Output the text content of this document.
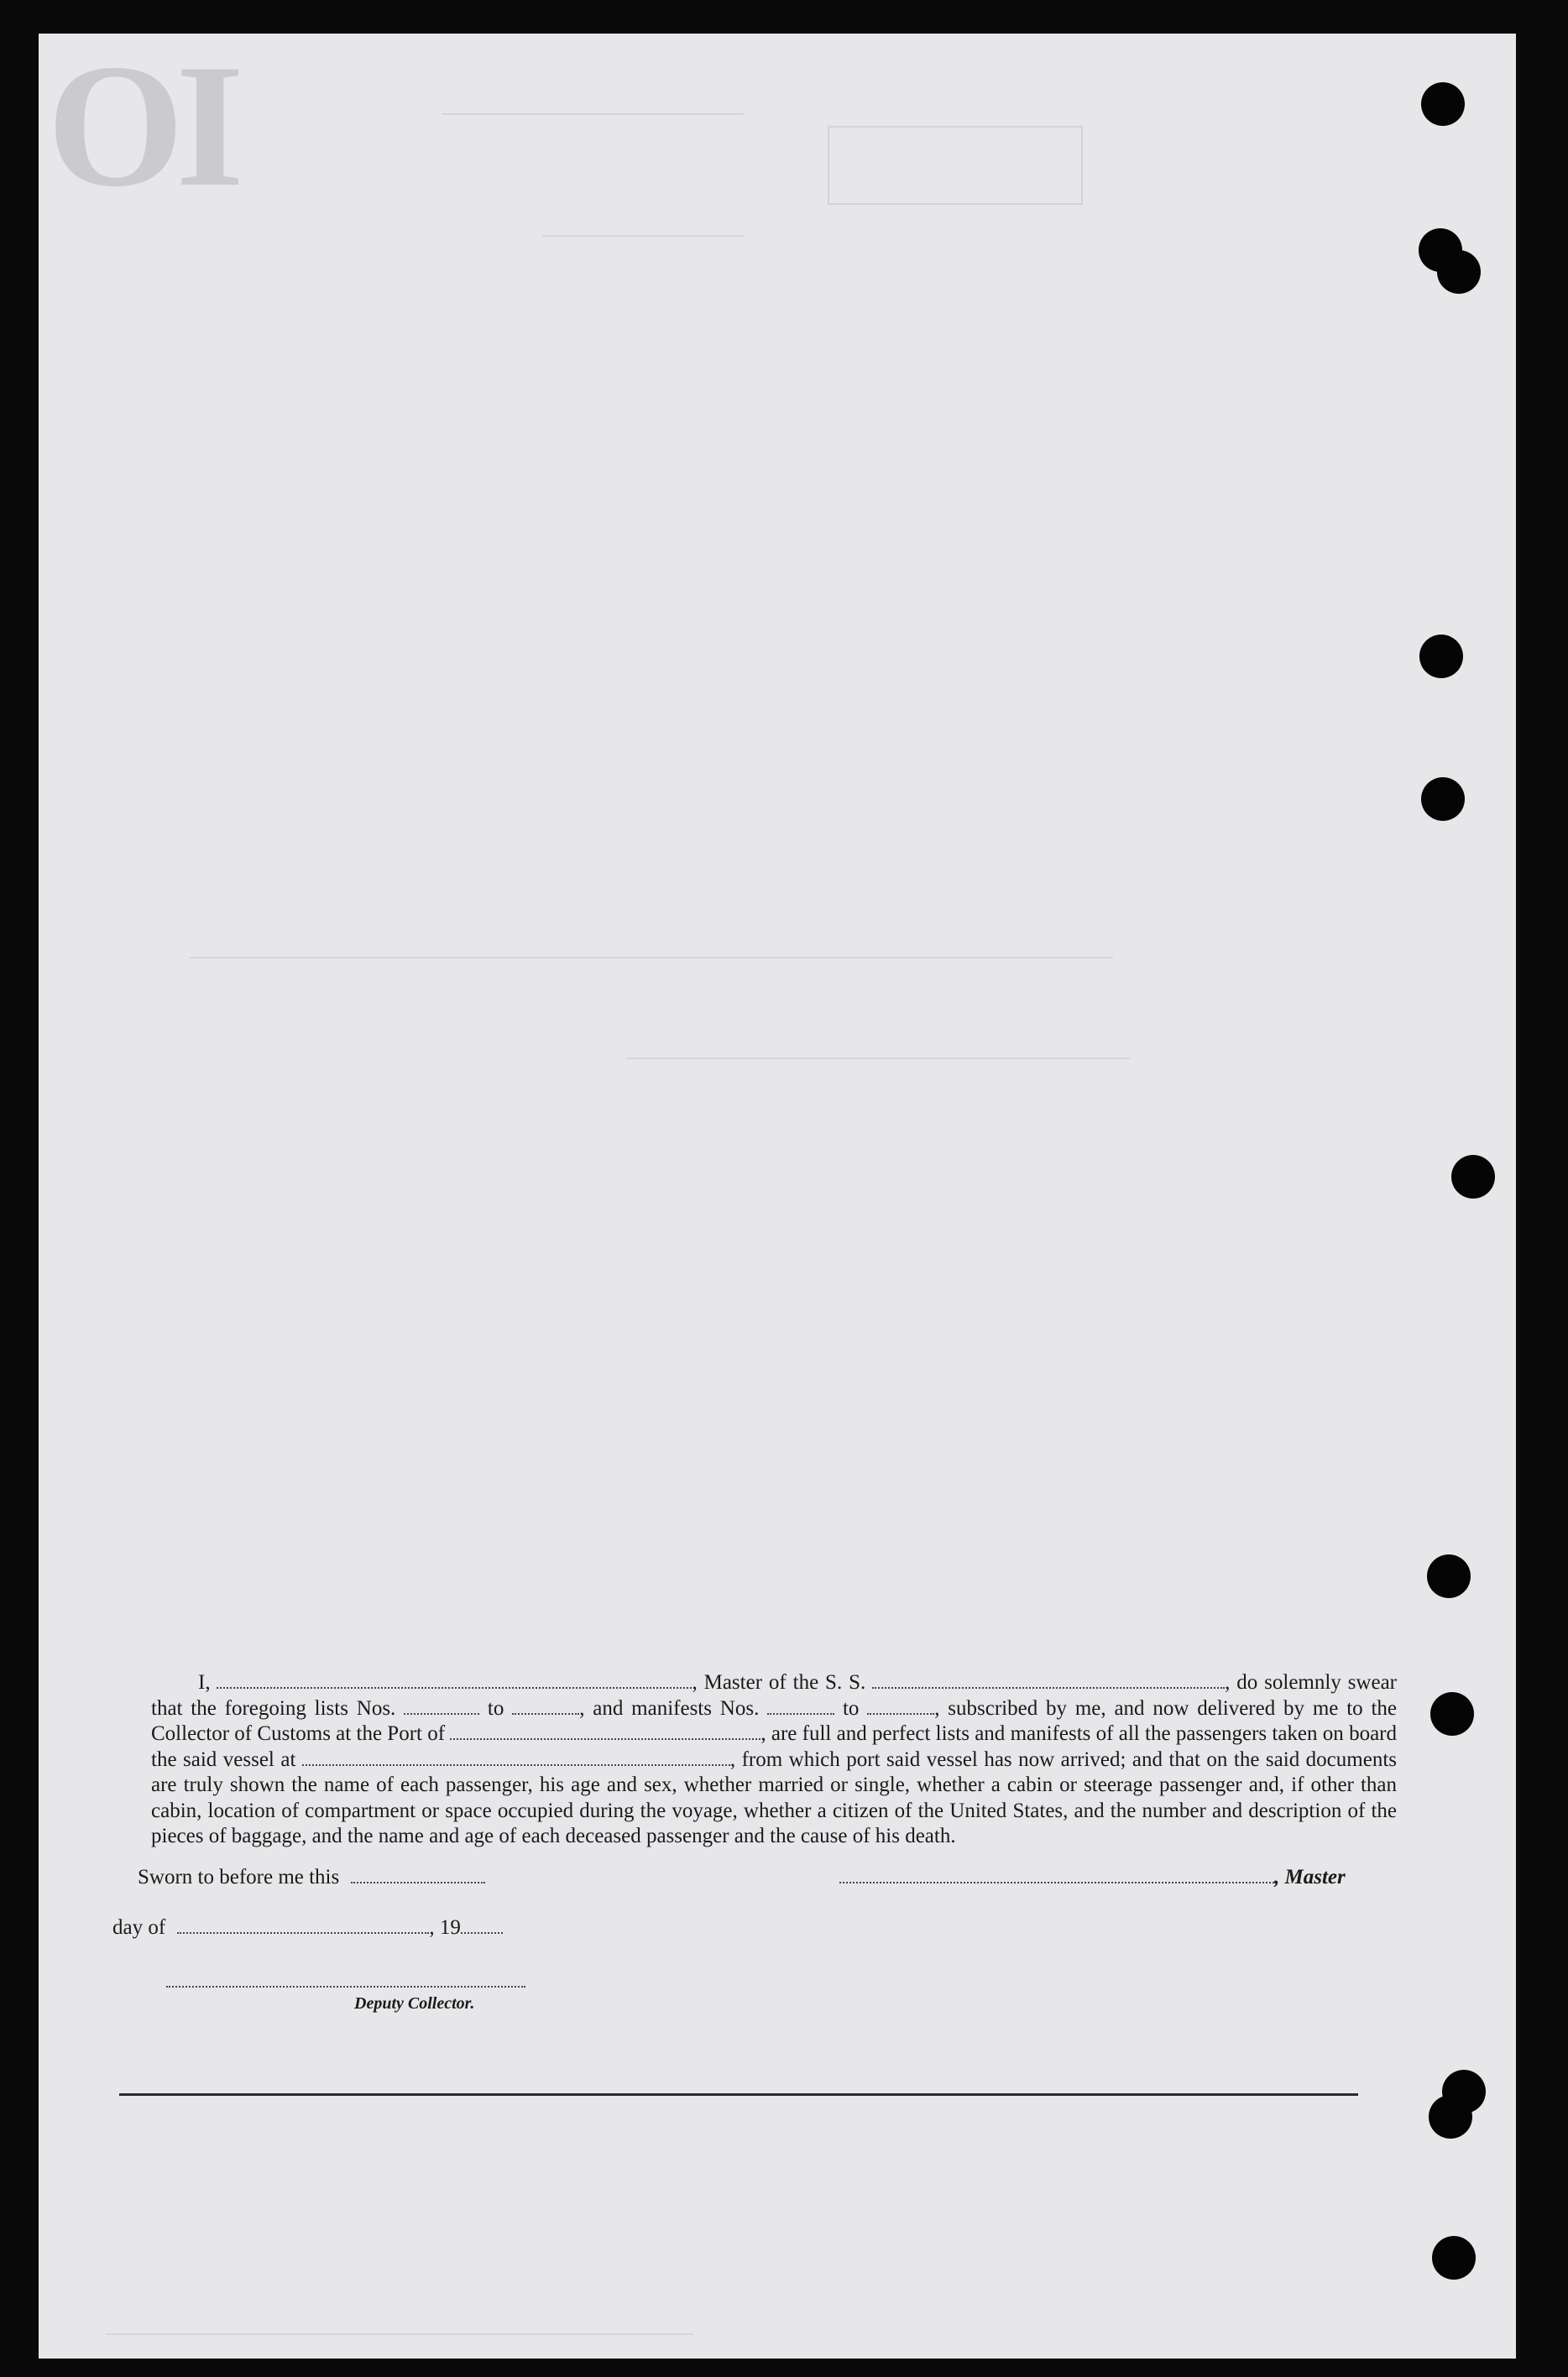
OI

I,	, Master of the S. S.	, do solemnly swear that the foregoing lists Nos.	to	, and manifests Nos.	to	, subscribed by me, and now delivered by me to the Collector of Customs at the Port of	, are full and perfect lists and manifests of all the passengers taken on board the said vessel at	, from which port said vessel has now arrived; and that on the said documents are truly shown the name of each passenger, his age and sex, whether married or single, whether a cabin or steerage passenger and, if other than cabin, location of compartment or space occupied during the voyage, whether a citizen of the United States, and the number and description of the pieces of baggage, and the name and age of each deceased passenger and the cause of his death.

Sworn to before me this	, Master
day of	, 19
Deputy Collector.
